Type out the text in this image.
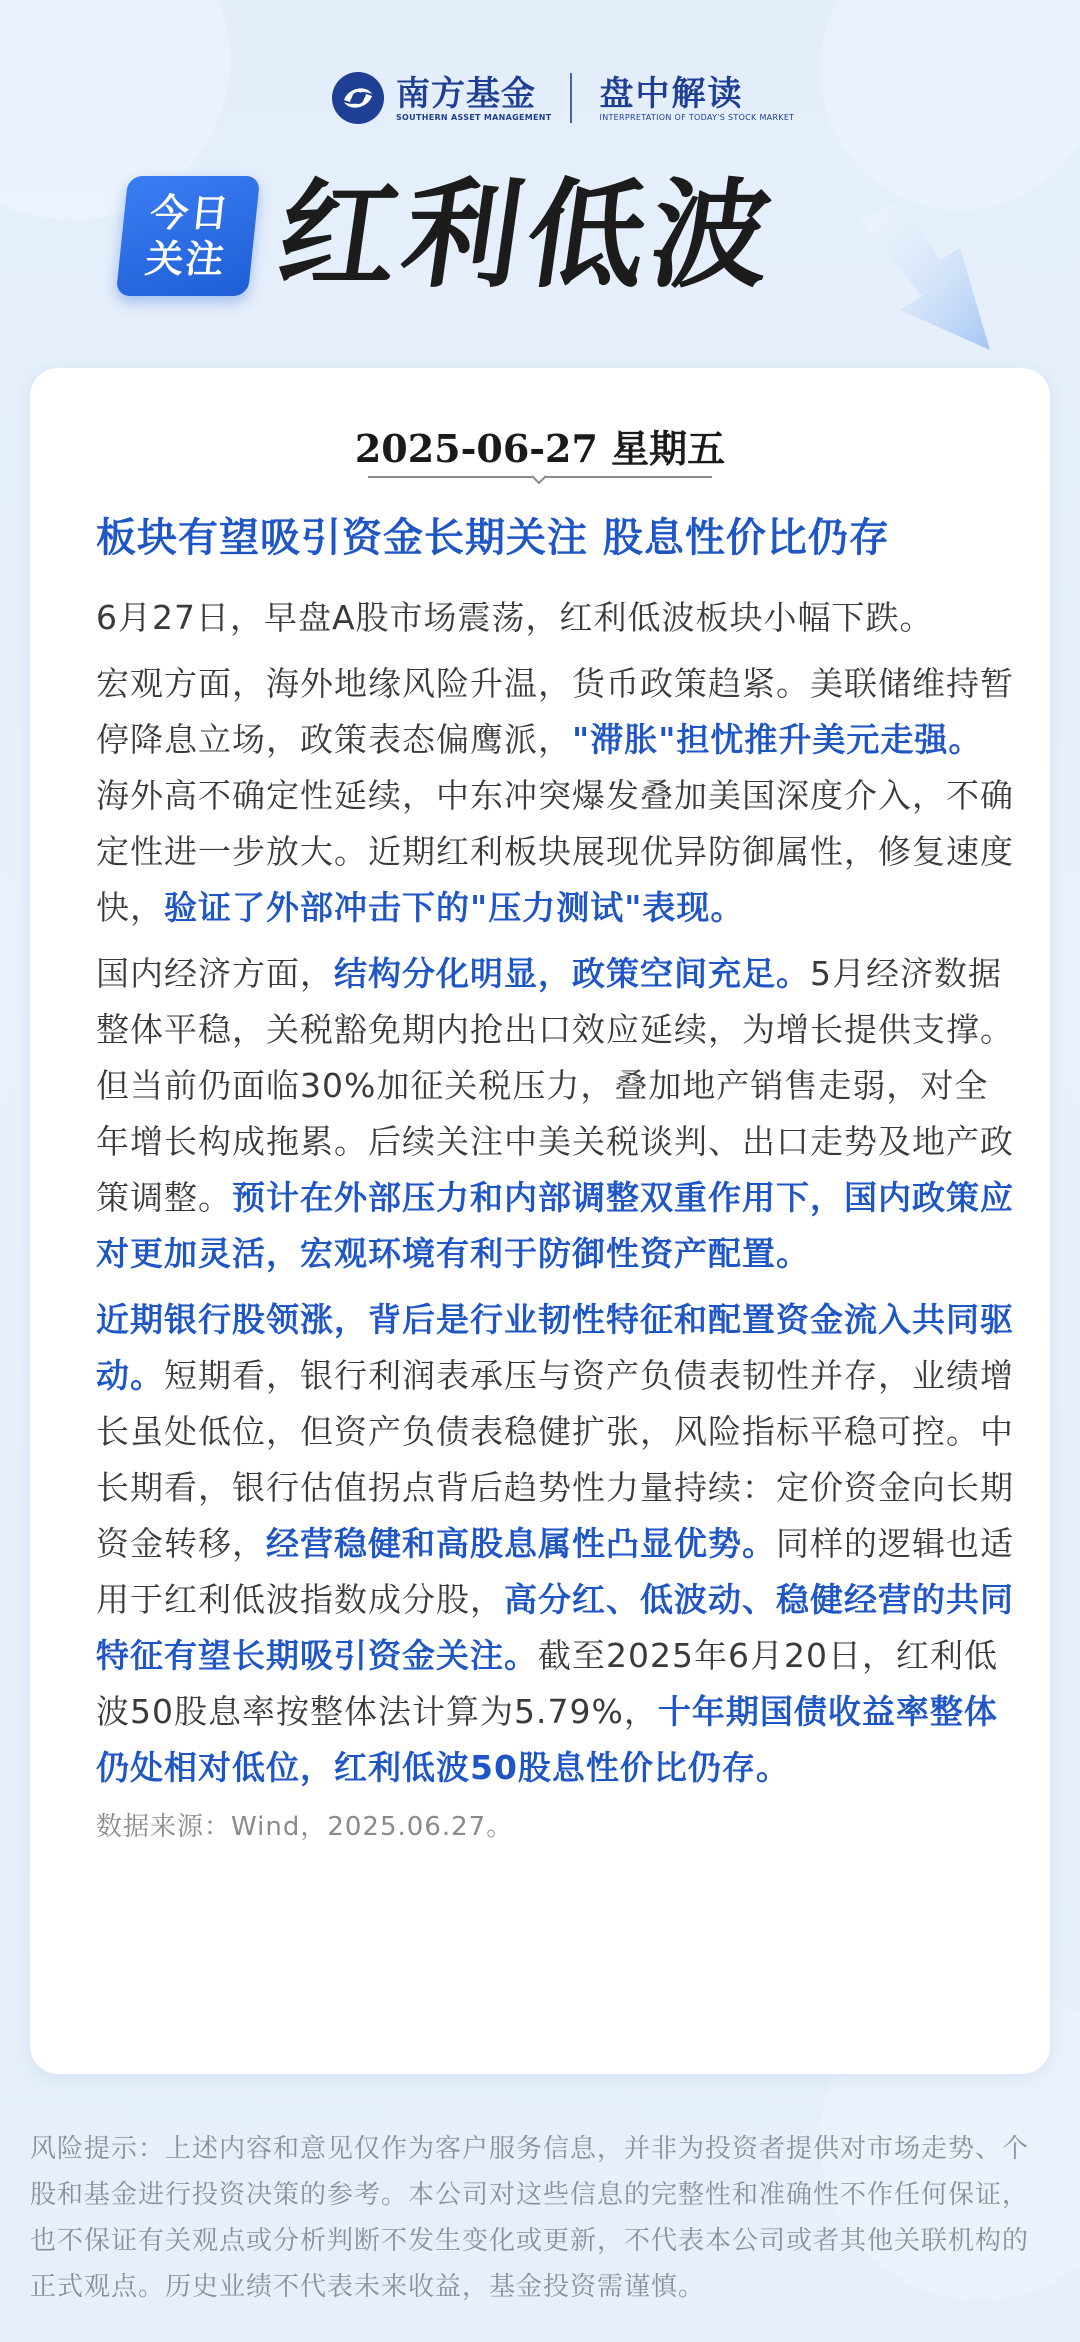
南方基金
SOUTHERN ASSET MANAGEMENT
盘中解读
INTERPRETATION OF TODAY'S STOCK MARKET
今日
关注 红利低波
2025-06-27 星期五
板块有望吸引资金长期关注 股息性价比仍存

6月27日，早盘A股市场震荡，红利低波板块小幅下跌。

宏观方面，海外地缘风险升温，货币政策趋紧。美联储维持暂停降息立场，政策表态偏鹰派，"滞胀"担忧推升美元走强。海外高不确定性延续，中东冲突爆发叠加美国深度介入，不确定性进一步放大。近期红利板块展现优异防御属性，修复速度快，验证了外部冲击下的"压力测试"表现。

国内经济方面，结构分化明显，政策空间充足。5月经济数据整体平稳，关税豁免期内抢出口效应延续，为增长提供支撑。但当前仍面临30%加征关税压力，叠加地产销售走弱，对全年增长构成拖累。后续关注中美关税谈判、出口走势及地产政策调整。预计在外部压力和内部调整双重作用下，国内政策应对更加灵活，宏观环境有利于防御性资产配置。

近期银行股领涨，背后是行业韧性特征和配置资金流入共同驱动。短期看，银行利润表承压与资产负债表韧性并存，业绩增长虽处低位，但资产负债表稳健扩张，风险指标平稳可控。中长期看，银行估值拐点背后趋势性力量持续：定价资金向长期资金转移，经营稳健和高股息属性凸显优势。同样的逻辑也适用于红利低波指数成分股，高分红、低波动、稳健经营的共同特征有望长期吸引资金关注。截至2025年6月20日，红利低波50股息率按整体法计算为5.79%，十年期国债收益率整体仍处相对低位，红利低波50股息性价比仍存。

数据来源：Wind，2025.06.27。
风险提示：上述内容和意见仅作为客户服务信息，并非为投资者提供对市场走势、个股和基金进行投资决策的参考。本公司对这些信息的完整性和准确性不作任何保证，也不保证有关观点或分析判断不发生变化或更新，不代表本公司或者其他关联机构的正式观点。历史业绩不代表未来收益，基金投资需谨慎。
